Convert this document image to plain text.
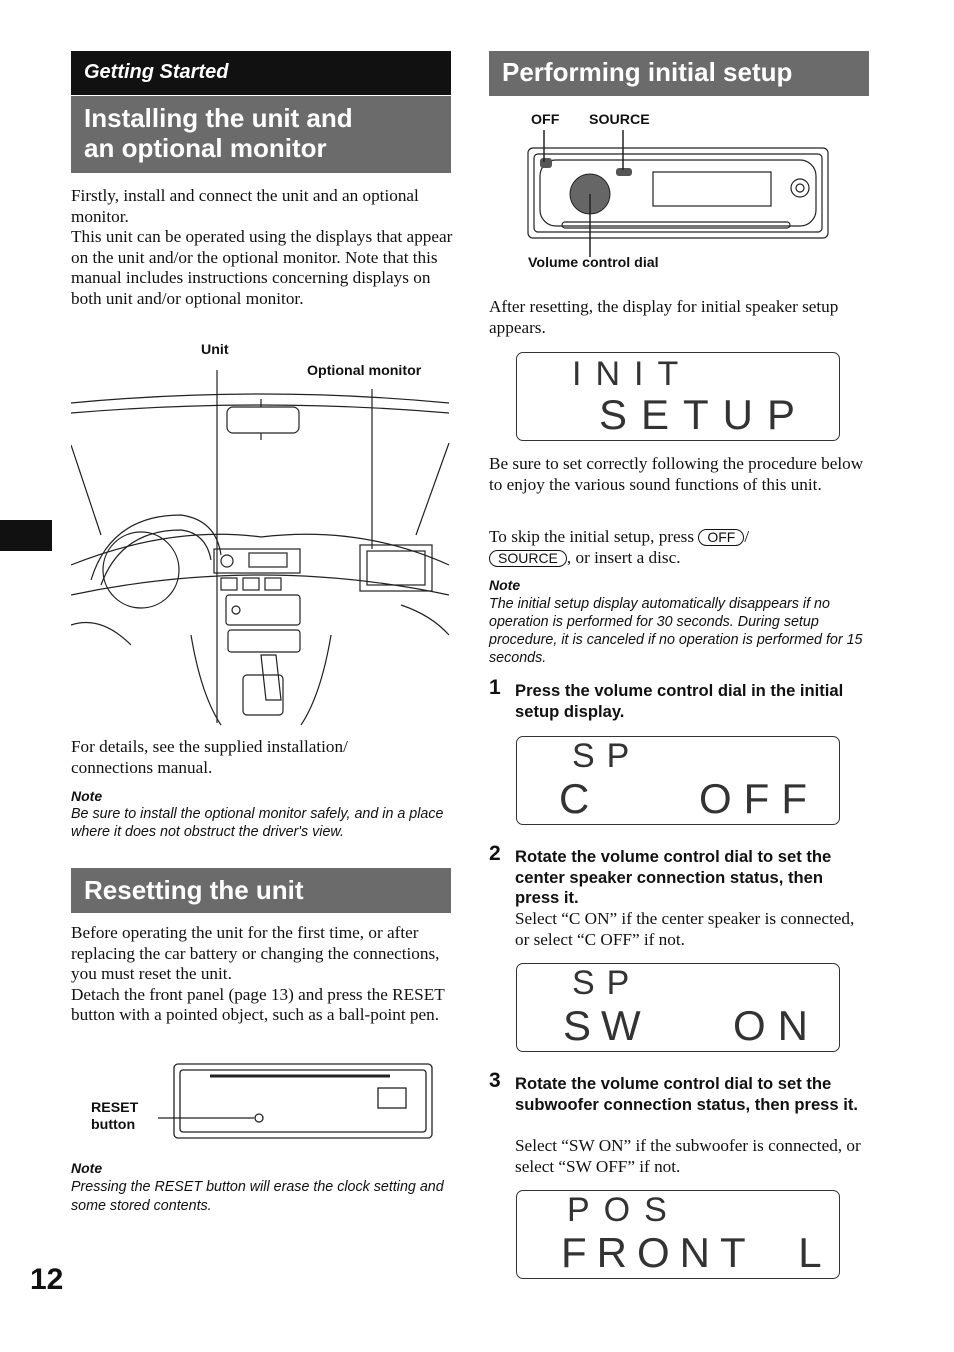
Getting Started
Installing the unit and an optional monitor
Firstly, install and connect the unit and an optional monitor.
This unit can be operated using the displays that appear on the unit and/or the optional monitor. Note that this manual includes instructions concerning displays on both unit and/or optional monitor.
Unit
Optional monitor
For details, see the supplied installation/ connections manual.
Note
Be sure to install the optional monitor safely, and in a place where it does not obstruct the driver's view.
Resetting the unit
Before operating the unit for the first time, or after replacing the car battery or changing the connections, you must reset the unit.
Detach the front panel (page 13) and press the RESET button with a pointed object, such as a ball-point pen.
RESET button
Note
Pressing the RESET button will erase the clock setting and some stored contents.
12
Performing initial setup
OFF SOURCE
Volume control dial
After resetting, the display for initial speaker setup appears.
INIT
SETUP
Be sure to set correctly following the procedure below to enjoy the various sound functions of this unit.
To skip the initial setup, press OFF /
SOURCE , or insert a disc.
Note
The initial setup display automatically disappears if no operation is performed for 30 seconds. During setup procedure, it is canceled if no operation is performed for 15 seconds.
1 Press the volume control dial in the initial setup display.
SP
C	OFF
2 Rotate the volume control dial to set the center speaker connection status, then press it.
Select “C ON” if the center speaker is connected, or select “C OFF” if not.
SP
SW ON
3 Rotate the volume control dial to set the subwoofer connection status, then press it.
Select “SW ON” if the subwoofer is connected, or select “SW OFF” if not.
POS
FRONT  L
